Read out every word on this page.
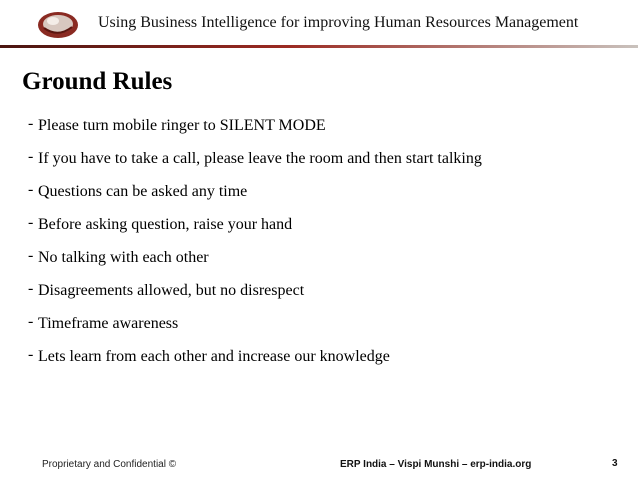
Using Business Intelligence for improving Human Resources Management
Ground Rules
- Please turn mobile ringer to SILENT MODE
- If you have to take a call, please leave the room and then start talking
- Questions can be asked any time
- Before asking question, raise your hand
- No talking with each other
- Disagreements allowed, but no disrespect
- Timeframe awareness
- Lets learn from each other and increase our knowledge
Proprietary and Confidential ©	ERP India – Vispi Munshi – erp-india.org	3
